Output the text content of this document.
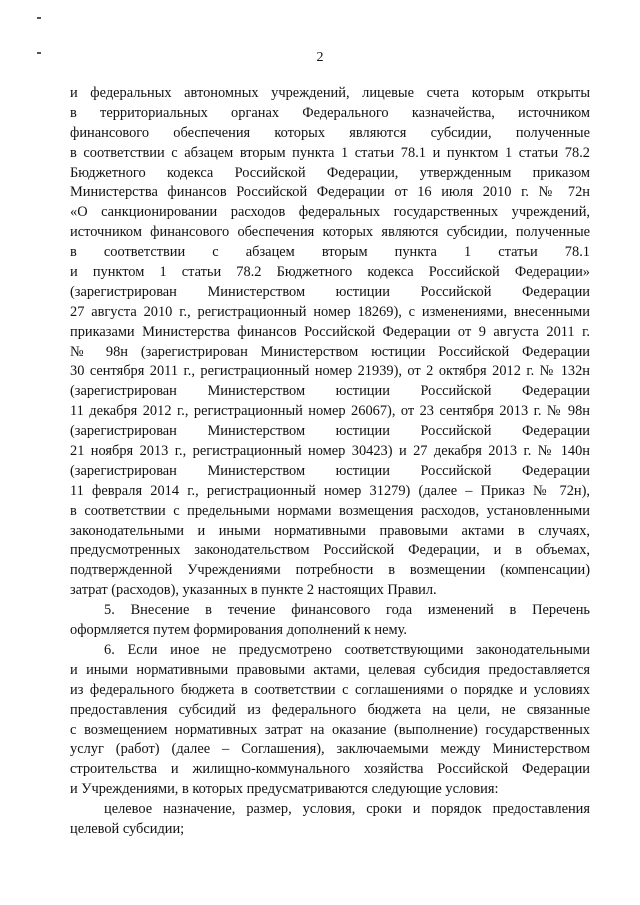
2
и федеральных автономных учреждений, лицевые счета которым открыты
в территориальных органах Федерального казначейства, источником
финансового обеспечения которых являются субсидии, полученные
в соответствии с абзацем вторым пункта 1 статьи 78.1 и пунктом 1 статьи 78.2
Бюджетного кодекса Российской Федерации, утвержденным приказом
Министерства финансов Российской Федерации от 16 июля 2010 г. № 72н
«О санкционировании расходов федеральных государственных учреждений,
источником финансового обеспечения которых являются субсидии, полученные
в соответствии с абзацем вторым пункта 1 статьи 78.1
и пунктом 1 статьи 78.2 Бюджетного кодекса Российской Федерации»
(зарегистрирован Министерством юстиции Российской Федерации
27 августа 2010 г., регистрационный номер 18269), с изменениями, внесенными
приказами Министерства финансов Российской Федерации от 9 августа 2011 г.
№ 98н (зарегистрирован Министерством юстиции Российской Федерации
30 сентября 2011 г., регистрационный номер 21939), от 2 октября 2012 г. № 132н
(зарегистрирован Министерством юстиции Российской Федерации
11 декабря 2012 г., регистрационный номер 26067), от 23 сентября 2013 г. № 98н
(зарегистрирован Министерством юстиции Российской Федерации
21 ноября 2013 г., регистрационный номер 30423) и 27 декабря 2013 г. № 140н
(зарегистрирован Министерством юстиции Российской Федерации
11 февраля 2014 г., регистрационный номер 31279) (далее – Приказ № 72н),
в соответствии с предельными нормами возмещения расходов, установленными
законодательными и иными нормативными правовыми актами в случаях,
предусмотренных законодательством Российской Федерации, и в объемах,
подтвержденной Учреждениями потребности в возмещении (компенсации)
затрат (расходов), указанных в пункте 2 настоящих Правил.
5. Внесение в течение финансового года изменений в Перечень
оформляется путем формирования дополнений к нему.
6. Если иное не предусмотрено соответствующими законодательными
и иными нормативными правовыми актами, целевая субсидия предоставляется
из федерального бюджета в соответствии с соглашениями о порядке и условиях
предоставления субсидий из федерального бюджета на цели, не связанные
с возмещением нормативных затрат на оказание (выполнение) государственных
услуг (работ) (далее – Соглашения), заключаемыми между Министерством
строительства и жилищно-коммунального хозяйства Российской Федерации
и Учреждениями, в которых предусматриваются следующие условия:
целевое назначение, размер, условия, сроки и порядок предоставления
целевой субсидии;
